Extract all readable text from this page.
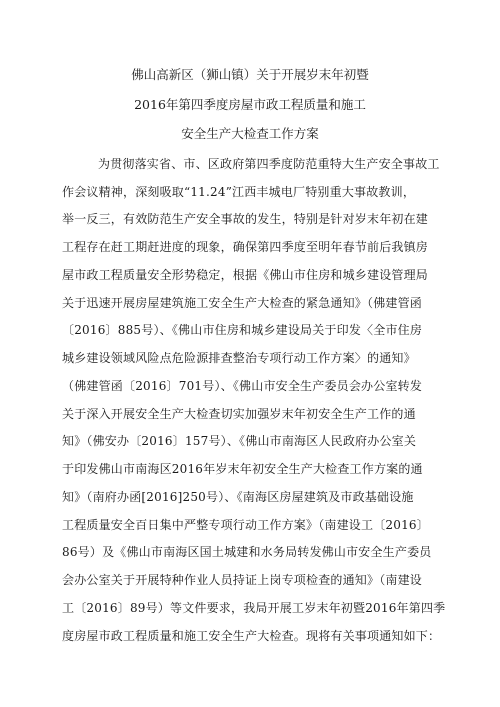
佛山高新区（狮山镇）关于开展岁末年初暨
2016年第四季度房屋市政工程质量和施工
安全生产大检查工作方案
为贯彻落实省、市、区政府第四季度防范重特大生产安全事故工
作会议精神，深刻吸取“11.24”江西丰城电厂特别重大事故教训，
举一反三，有效防范生产安全事故的发生，特别是针对岁末年初在建
工程存在赶工期赶进度的现象，确保第四季度至明年春节前后我镇房
屋市政工程质量安全形势稳定，根据《佛山市住房和城乡建设管理局
关于迅速开展房屋建筑施工安全生产大检查的紧急通知》（佛建管函
〔2016〕885号）、《佛山市住房和城乡建设局关于印发〈全市住房
城乡建设领域风险点危险源排查整治专项行动工作方案〉的通知》
（佛建管函〔2016〕701号）、《佛山市安全生产委员会办公室转发
关于深入开展安全生产大检查切实加强岁末年初安全生产工作的通
知》（佛安办〔2016〕157号）、《佛山市南海区人民政府办公室关
于印发佛山市南海区2016年岁末年初安全生产大检查工作方案的通
知》（南府办函[2016]250号）、《南海区房屋建筑及市政基础设施
工程质量安全百日集中严整专项行动工作方案》（南建设工〔2016〕
86号）及《佛山市南海区国土城建和水务局转发佛山市安全生产委员
会办公室关于开展特种作业人员持证上岗专项检查的通知》（南建设
工〔2016〕89号）等文件要求，我局开展工岁末年初暨2016年第四季
度房屋市政工程质量和施工安全生产大检查。现将有关事项通知如下：
